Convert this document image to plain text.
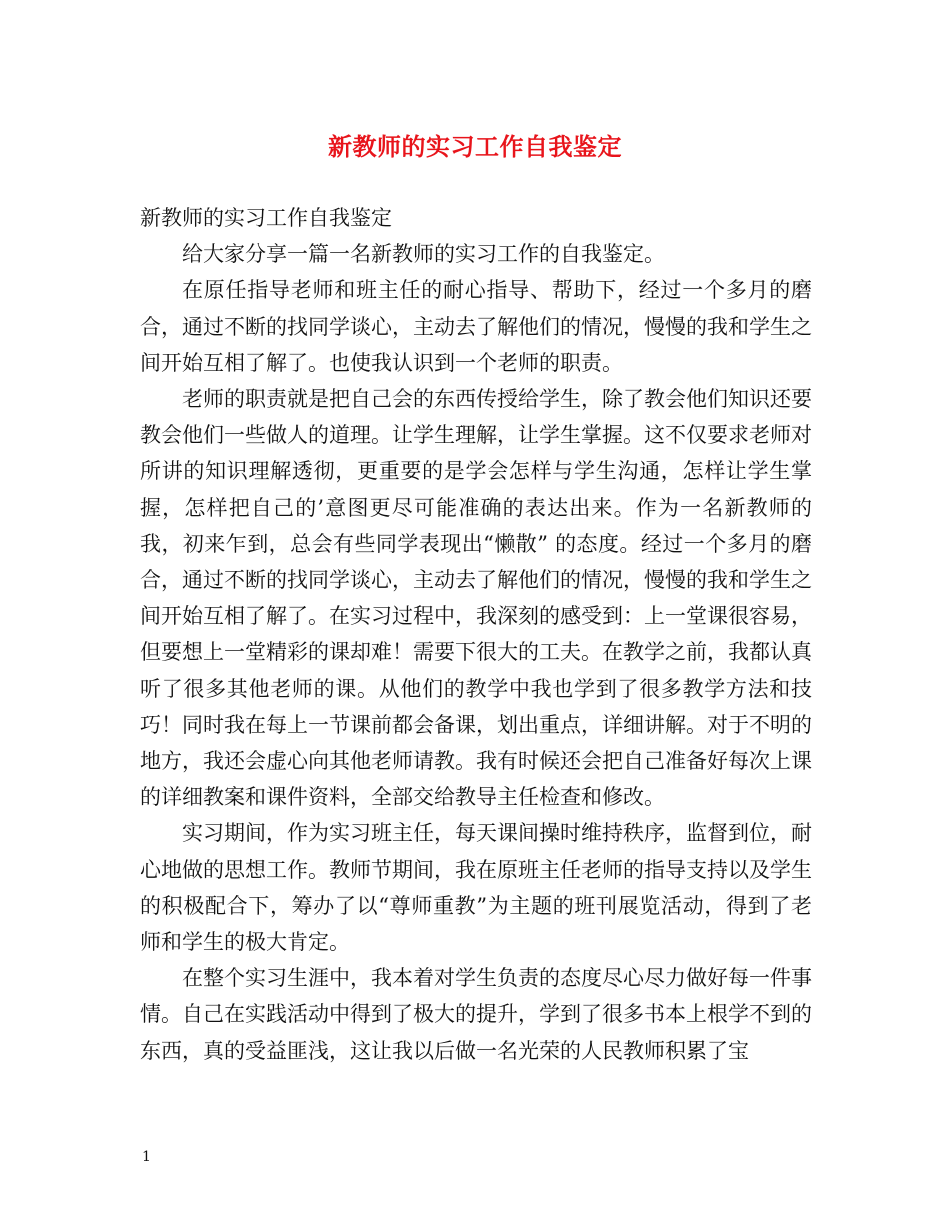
新教师的实习工作自我鉴定

新教师的实习工作自我鉴定

给大家分享一篇一名新教师的实习工作的自我鉴定。

在原任指导老师和班主任的耐心指导、帮助下，经过一个多月的磨合，通过不断的找同学谈心，主动去了解他们的情况，慢慢的我和学生之间开始互相了解了。也使我认识到一个老师的职责。

老师的职责就是把自己会的东西传授给学生，除了教会他们知识还要教会他们一些做人的道理。让学生理解，让学生掌握。这不仅要求老师对所讲的知识理解透彻，更重要的是学会怎样与学生沟通，怎样让学生掌握，怎样把自己的’意图更尽可能准确的表达出来。作为一名新教师的我，初来乍到，总会有些同学表现出“懒散” 的态度。经过一个多月的磨合，通过不断的找同学谈心，主动去了解他们的情况，慢慢的我和学生之间开始互相了解了。在实习过程中，我深刻的感受到：上一堂课很容易，但要想上一堂精彩的课却难！需要下很大的工夫。在教学之前，我都认真听了很多其他老师的课。从他们的教学中我也学到了很多教学方法和技巧！同时我在每上一节课前都会备课，划出重点，详细讲解。对于不明的地方，我还会虚心向其他老师请教。我有时候还会把自己准备好每次上课的详细教案和课件资料，全部交给教导主任检查和修改。

实习期间，作为实习班主任，每天课间操时维持秩序，监督到位，耐心地做的思想工作。教师节期间，我在原班主任老师的指导支持以及学生的积极配合下，筹办了以“尊师重教”为主题的班刊展览活动，得到了老师和学生的极大肯定。

在整个实习生涯中，我本着对学生负责的态度尽心尽力做好每一件事情。自己在实践活动中得到了极大的提升，学到了很多书本上根学不到的东西，真的受益匪浅，这让我以后做一名光荣的人民教师积累了宝

1
